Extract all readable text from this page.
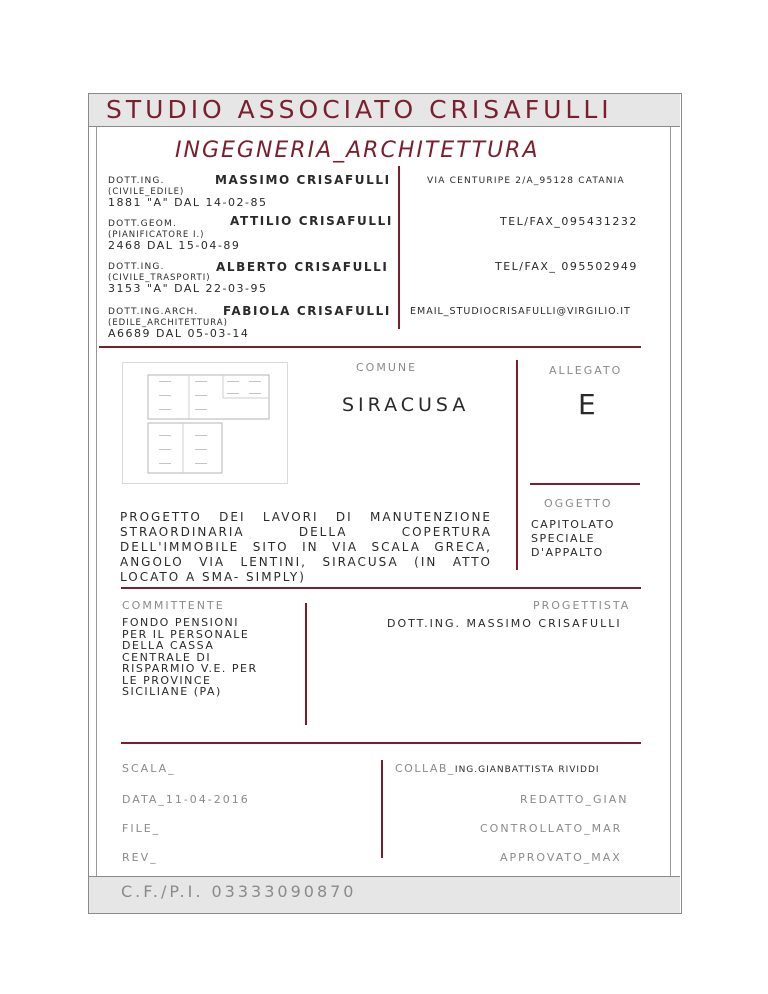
STUDIO ASSOCIATO CRISAFULLI
INGEGNERIA_ARCHITETTURA
DOTT.ING.	MASSIMO CRISAFULLI
(CIVILE_EDILE)
1881 "A" DAL 14-02-85
DOTT.GEOM.	ATTILIO CRISAFULLI
(PIANIFICATORE I.)
2468 DAL 15-04-89
DOTT.ING.	ALBERTO CRISAFULLI
(CIVILE_TRASPORTI)
3153 "A" DAL 22-03-95
DOTT.ING.ARCH. FABIOLA CRISAFULLI
(EDILE_ARCHITETTURA)
A6689 DAL 05-03-14
VIA CENTURIPE 2/A_95128 CATANIA
TEL/FAX_095431232
TEL/FAX_ 095502949
EMAIL_STUDIOCRISAFULLI@VIRGILIO.IT
COMUNE
SIRACUSA
ALLEGATO
E
OGGETTO
CAPITOLATO
SPECIALE
D'APPALTO
PROGETTO DEI LAVORI DI MANUTENZIONE STRAORDINARIA DELLA COPERTURA DELL'IMMOBILE SITO IN VIA SCALA GRECA, ANGOLO VIA LENTINI, SIRACUSA (IN ATTO LOCATO A SMA- SIMPLY)
COMMITTENTE
FONDO PENSIONI
PER IL PERSONALE
DELLA CASSA
CENTRALE DI
RISPARMIO V.E. PER
LE PROVINCE
SICILIANE (PA)
PROGETTISTA
DOTT.ING. MASSIMO CRISAFULLI
SCALA_
DATA_11-04-2016
FILE_
REV_
COLLAB_ING.GIANBATTISTA RIVIDDI
REDATTO_GIAN
CONTROLLATO_MAR
APPROVATO_MAX
C.F./P.I. 03333090870
